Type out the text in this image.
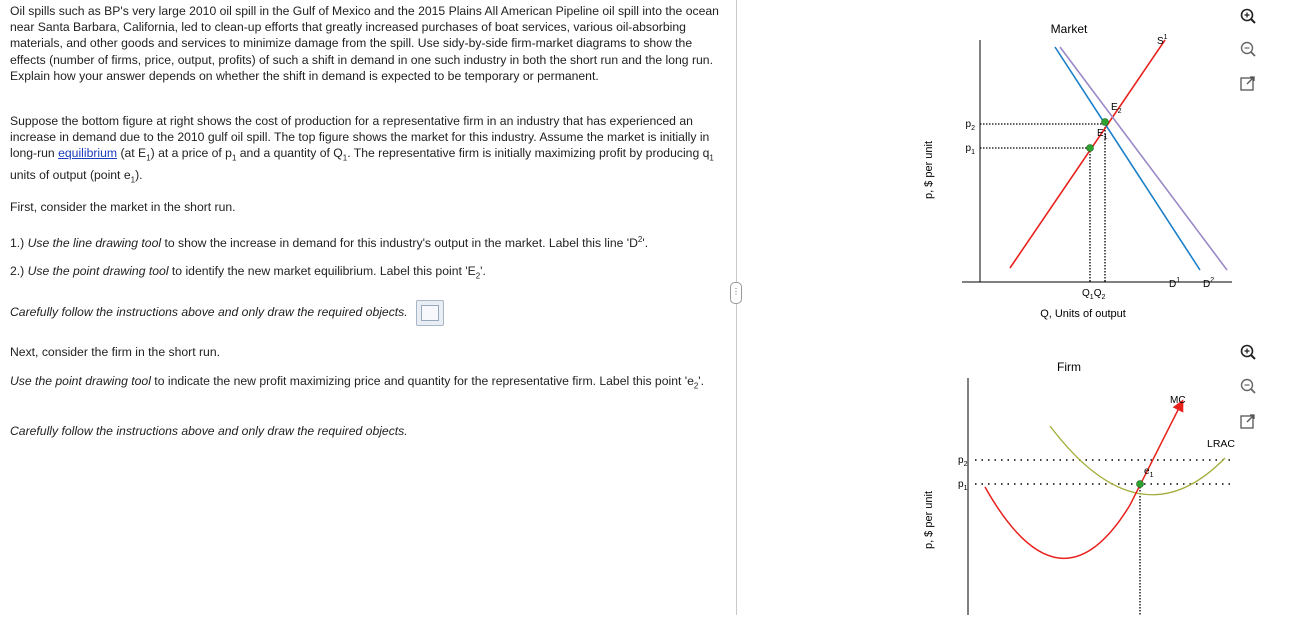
Oil spills such as BP's very large 2010 oil spill in the Gulf of Mexico and the 2015 Plains All American Pipeline oil spill into the ocean near Santa Barbara, California, led to clean-up efforts that greatly increased purchases of boat services, various oil-absorbing materials, and other goods and services to minimize damage from the spill. Use sidy-by-side firm-market diagrams to show the effects (number of firms, price, output, profits) of such a shift in demand in one such industry in both the short run and the long run. Explain how your answer depends on whether the shift in demand is expected to be temporary or permanent.

Suppose the bottom figure at right shows the cost of production for a representative firm in an industry that has experienced an increase in demand due to the 2010 gulf oil spill. The top figure shows the market for this industry. Assume the market is initially in long-run equilibrium (at $E_1$) at a price of $p_1$ and a quantity of $Q_1$. The representative firm is initially maximizing profit by producing $q_1$ units of output (point $e_1$).

First, consider the market in the short run.

1.) Use the line drawing tool to show the increase in demand for this industry's output in the market. Label this line '$D^2$'.

2.) Use the point drawing tool to identify the new market equilibrium. Label this point '$E_2$'.

Carefully follow the instructions above and only draw the required objects.

Next, consider the firm in the short run.

Use the point drawing tool to indicate the new profit maximizing price and quantity for the representative firm. Label this point '$e_2$'.

Carefully follow the instructions above and only draw the required objects.

⋮
Market
p, $ per unit
Q, Units of output
$p_2$
$p_1$
$Q_1Q_2$
$S^1$
$D^1$ $D^2$
$E_2$
$E_1$
Firm
p, $ per unit
$p_2$
$p_1$
MC
LRAC
$e_1$
